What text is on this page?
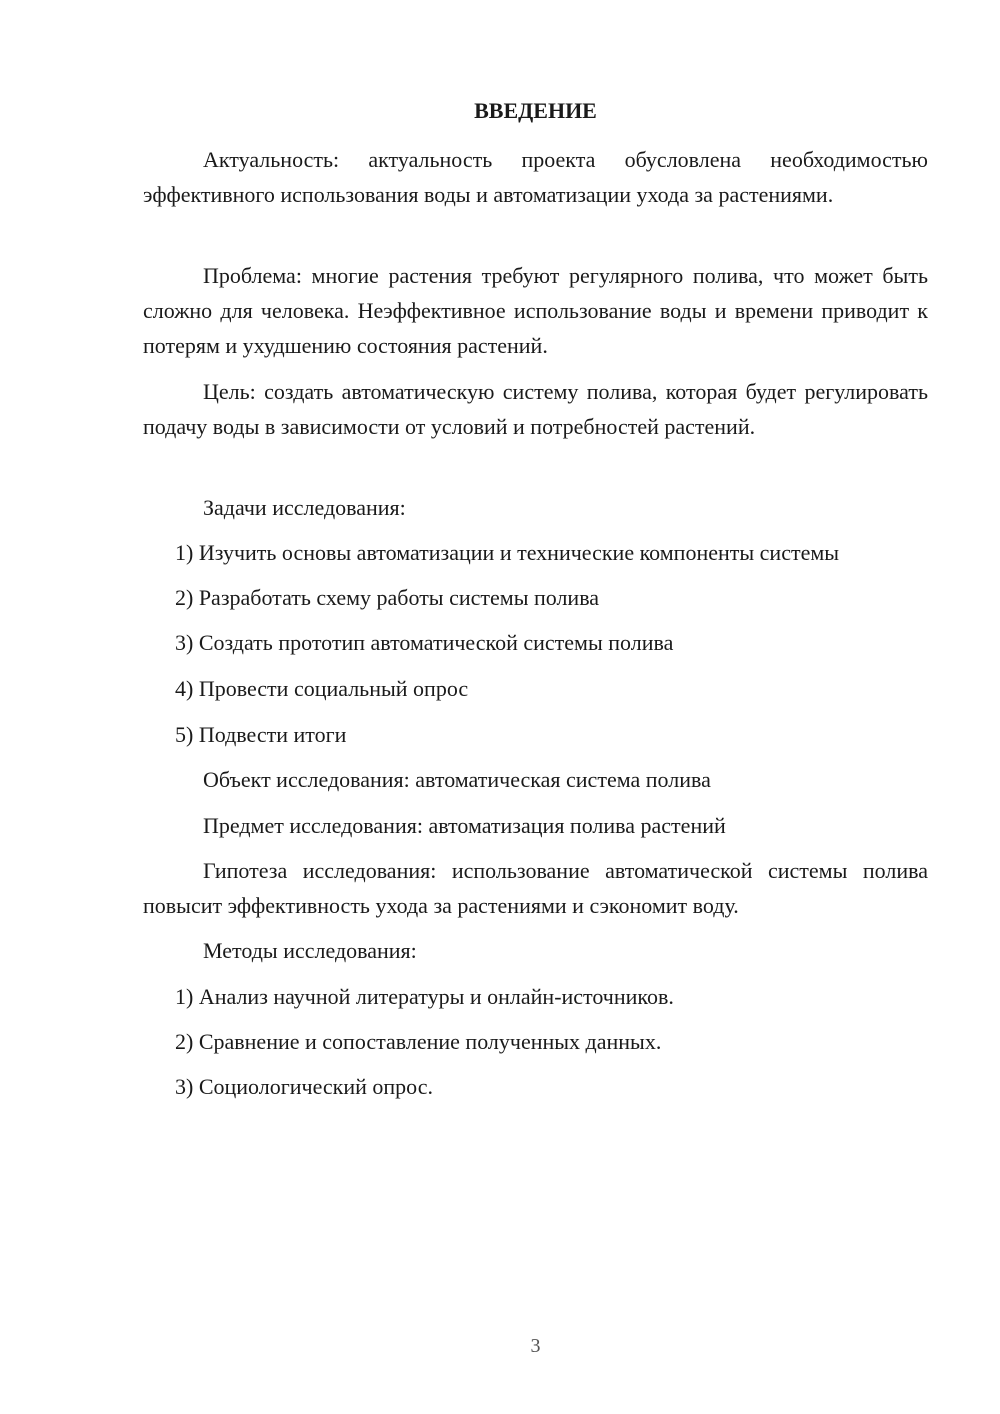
ВВЕДЕНИЕ

Актуальность: актуальность проекта обусловлена необходимостью эффективного использования воды и автоматизации ухода за растениями.

Проблема: многие растения требуют регулярного полива, что может быть сложно для человека. Неэффективное использование воды и времени приводит к потерям и ухудшению состояния растений.

Цель: создать автоматическую систему полива, которая будет регулировать подачу воды в зависимости от условий и потребностей растений.

Задачи исследования:

1) Изучить основы автоматизации и технические компоненты системы

2) Разработать схему работы системы полива

3) Создать прототип автоматической системы полива

4) Провести социальный опрос

5) Подвести итоги

Объект исследования: автоматическая система полива

Предмет исследования: автоматизация полива растений

Гипотеза исследования: использование автоматической системы полива повысит эффективность ухода за растениями и сэкономит воду.

Методы исследования:

1) Анализ научной литературы и онлайн-источников.

2) Сравнение и сопоставление полученных данных.

3) Социологический опрос.

3
